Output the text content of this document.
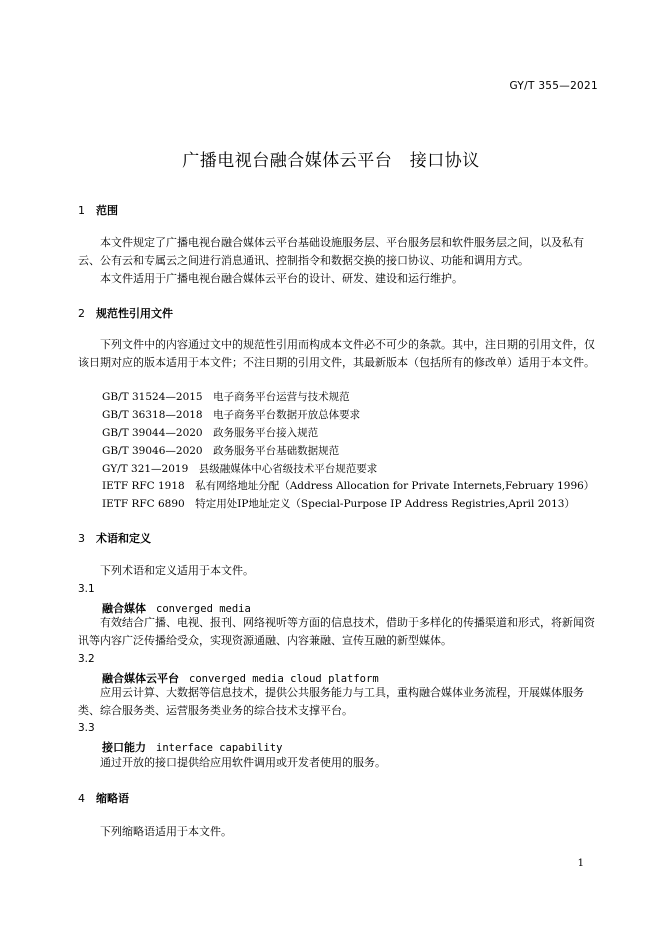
GY/T 355—2021
广播电视台融合媒体云平台　接口协议
1 范围
本文件规定了广播电视台融合媒体云平台基础设施服务层、平台服务层和软件服务层之间，以及私有云、公有云和专属云之间进行消息通讯、控制指令和数据交换的接口协议、功能和调用方式。
本文件适用于广播电视台融合媒体云平台的设计、研发、建设和运行维护。
2 规范性引用文件
下列文件中的内容通过文中的规范性引用而构成本文件必不可少的条款。其中，注日期的引用文件，仅该日期对应的版本适用于本文件；不注日期的引用文件，其最新版本（包括所有的修改单）适用于本文件。
GB/T 31524—2015　电子商务平台运营与技术规范
GB/T 36318—2018　电子商务平台数据开放总体要求
GB/T 39044—2020　政务服务平台接入规范
GB/T 39046—2020　政务服务平台基础数据规范
GY/T 321—2019　县级融媒体中心省级技术平台规范要求
IETF RFC 1918　私有网络地址分配（Address Allocation for Private Internets,February 1996）
IETF RFC 6890　特定用处IP地址定义（Special-Purpose IP Address Registries,April 2013）
3 术语和定义
下列术语和定义适用于本文件。
3.1
融合媒体 converged media
有效结合广播、电视、报刊、网络视听等方面的信息技术，借助于多样化的传播渠道和形式，将新闻资讯等内容广泛传播给受众，实现资源通融、内容兼融、宣传互融的新型媒体。
3.2
融合媒体云平台 converged media cloud platform
应用云计算、大数据等信息技术，提供公共服务能力与工具，重构融合媒体业务流程，开展媒体服务类、综合服务类、运营服务类业务的综合技术支撑平台。
3.3
接口能力 interface capability
通过开放的接口提供给应用软件调用或开发者使用的服务。
4 缩略语
下列缩略语适用于本文件。
1
